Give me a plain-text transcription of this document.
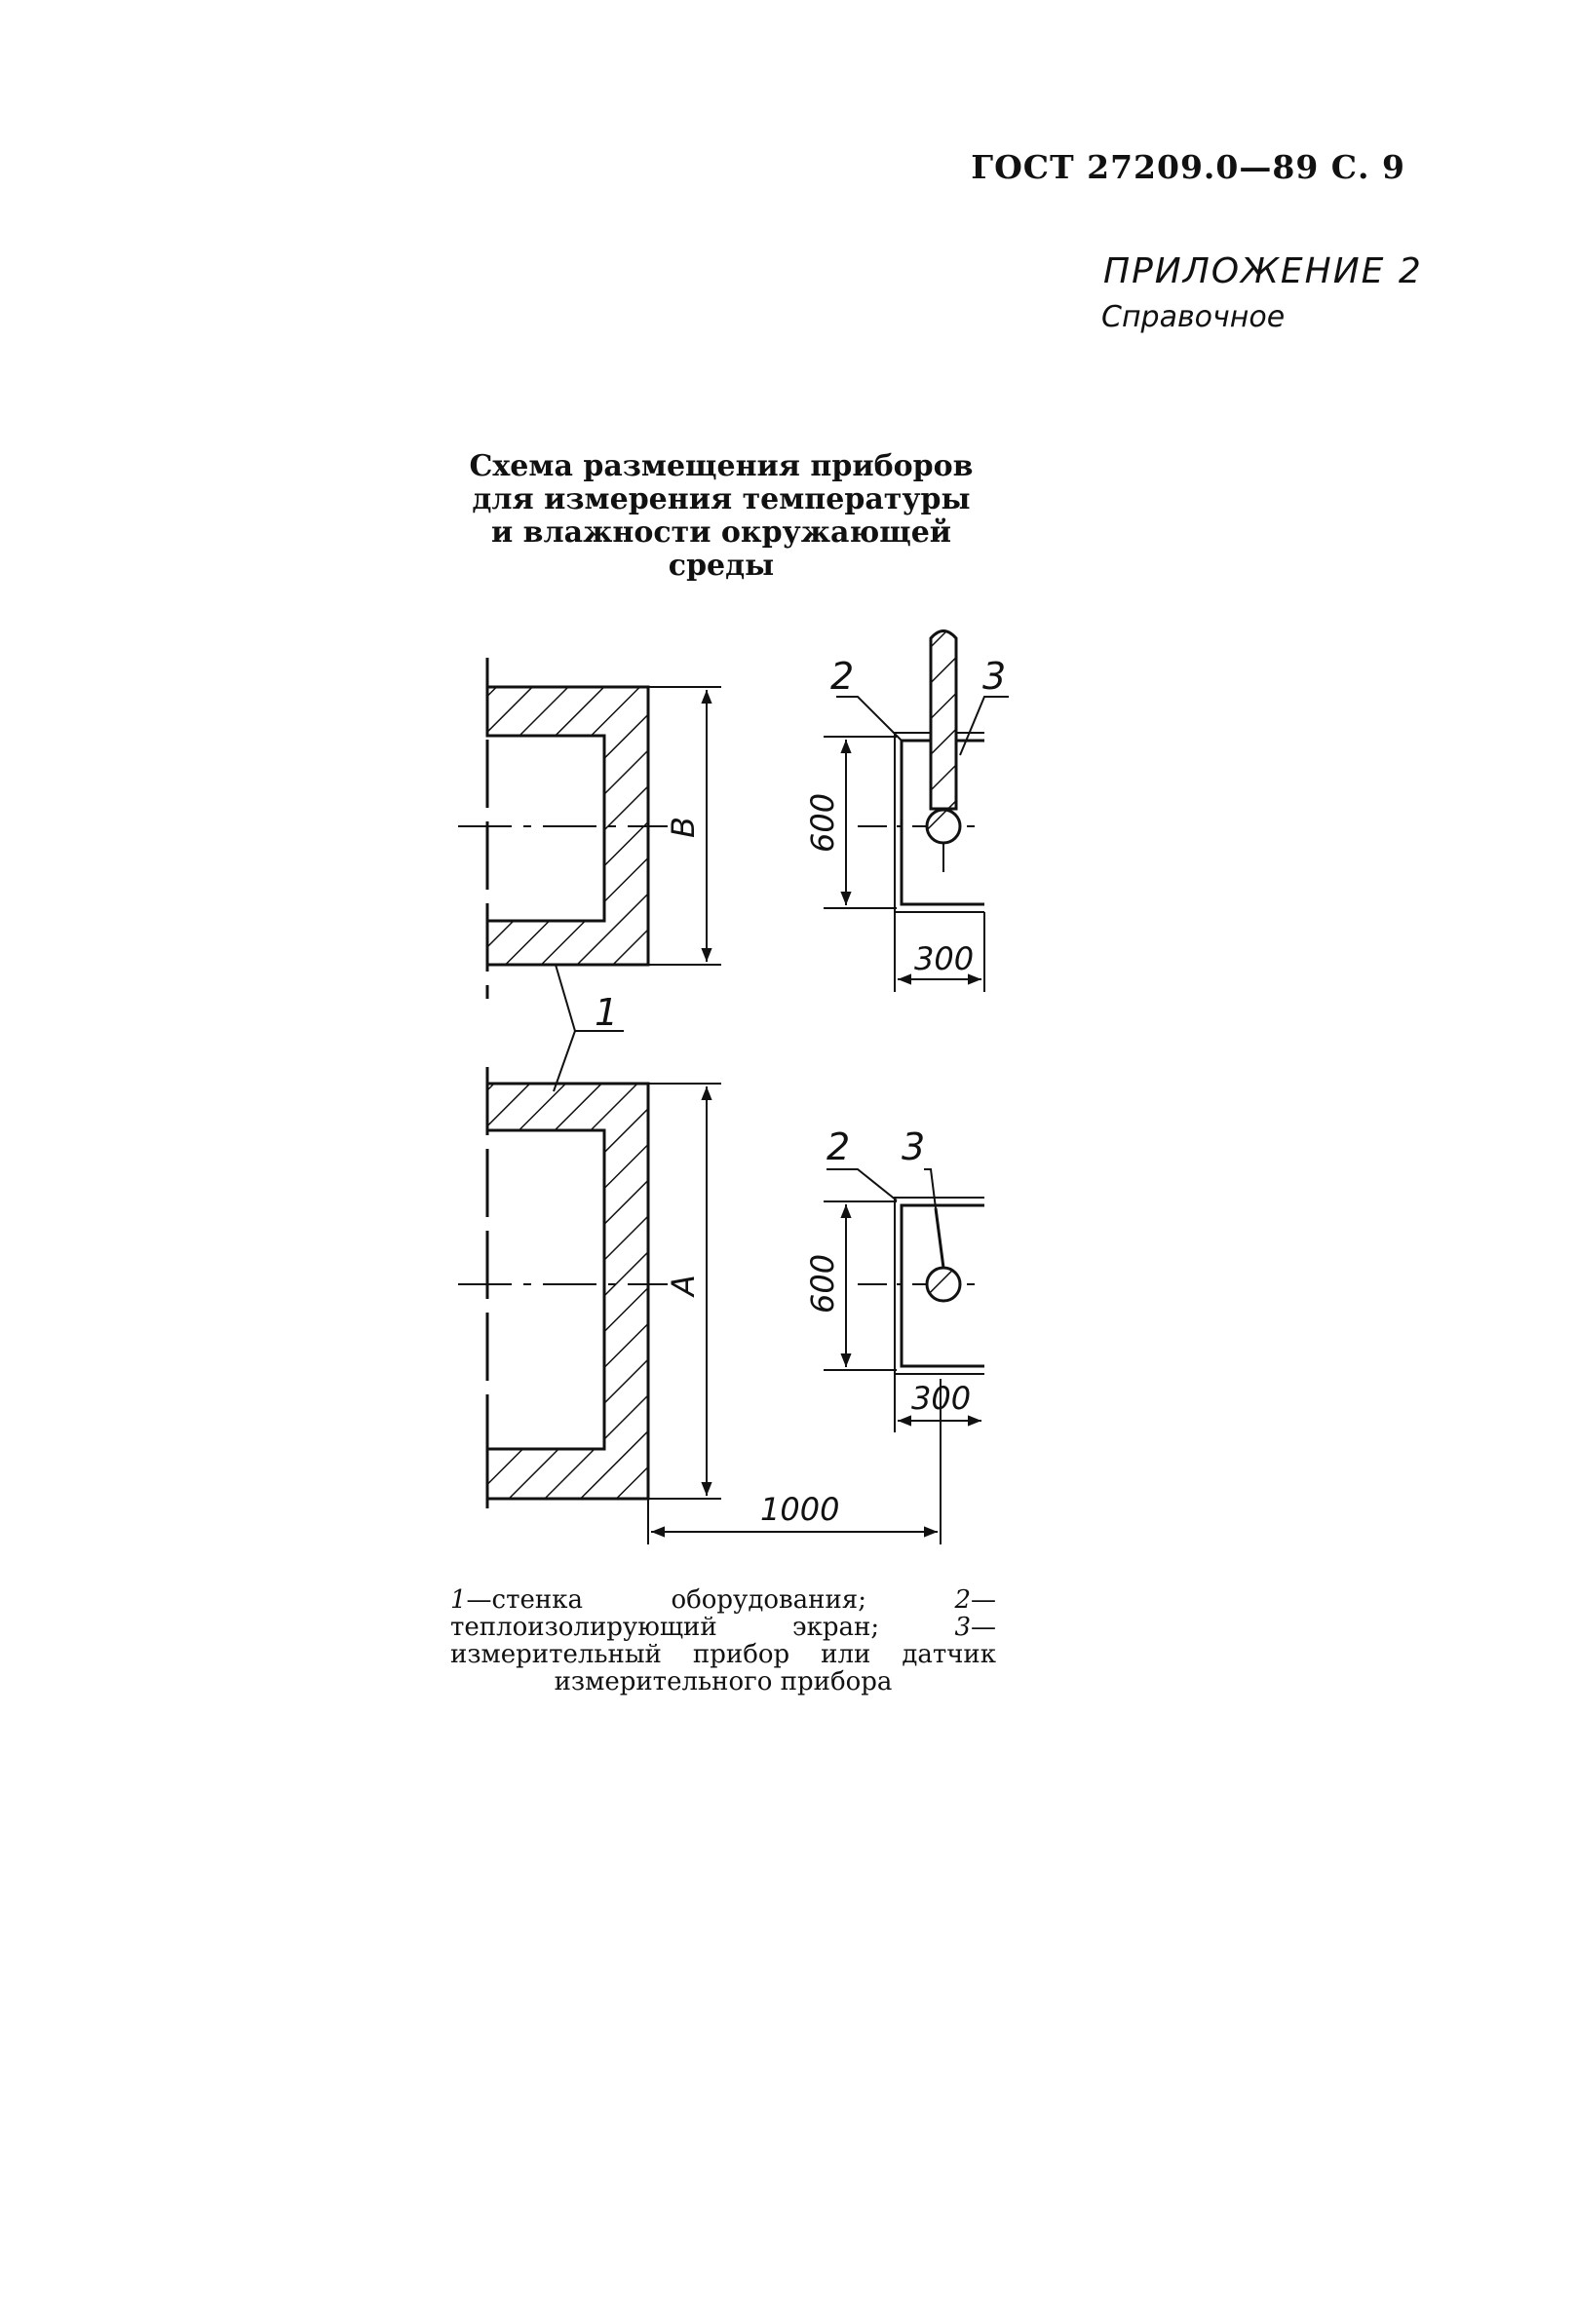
ГОСТ 27209.0—89 С. 9
ПРИЛОЖЕНИЕ 2
Справочное
Схема размещения приборов для измерения температуры и влажности окружающей среды
1
2	3
2 3
B
A
600
300
600
300
1000
1—стенка оборудования; 2—теплоизолирующий экран; 3—измерительный прибор или датчик измерительного прибора
